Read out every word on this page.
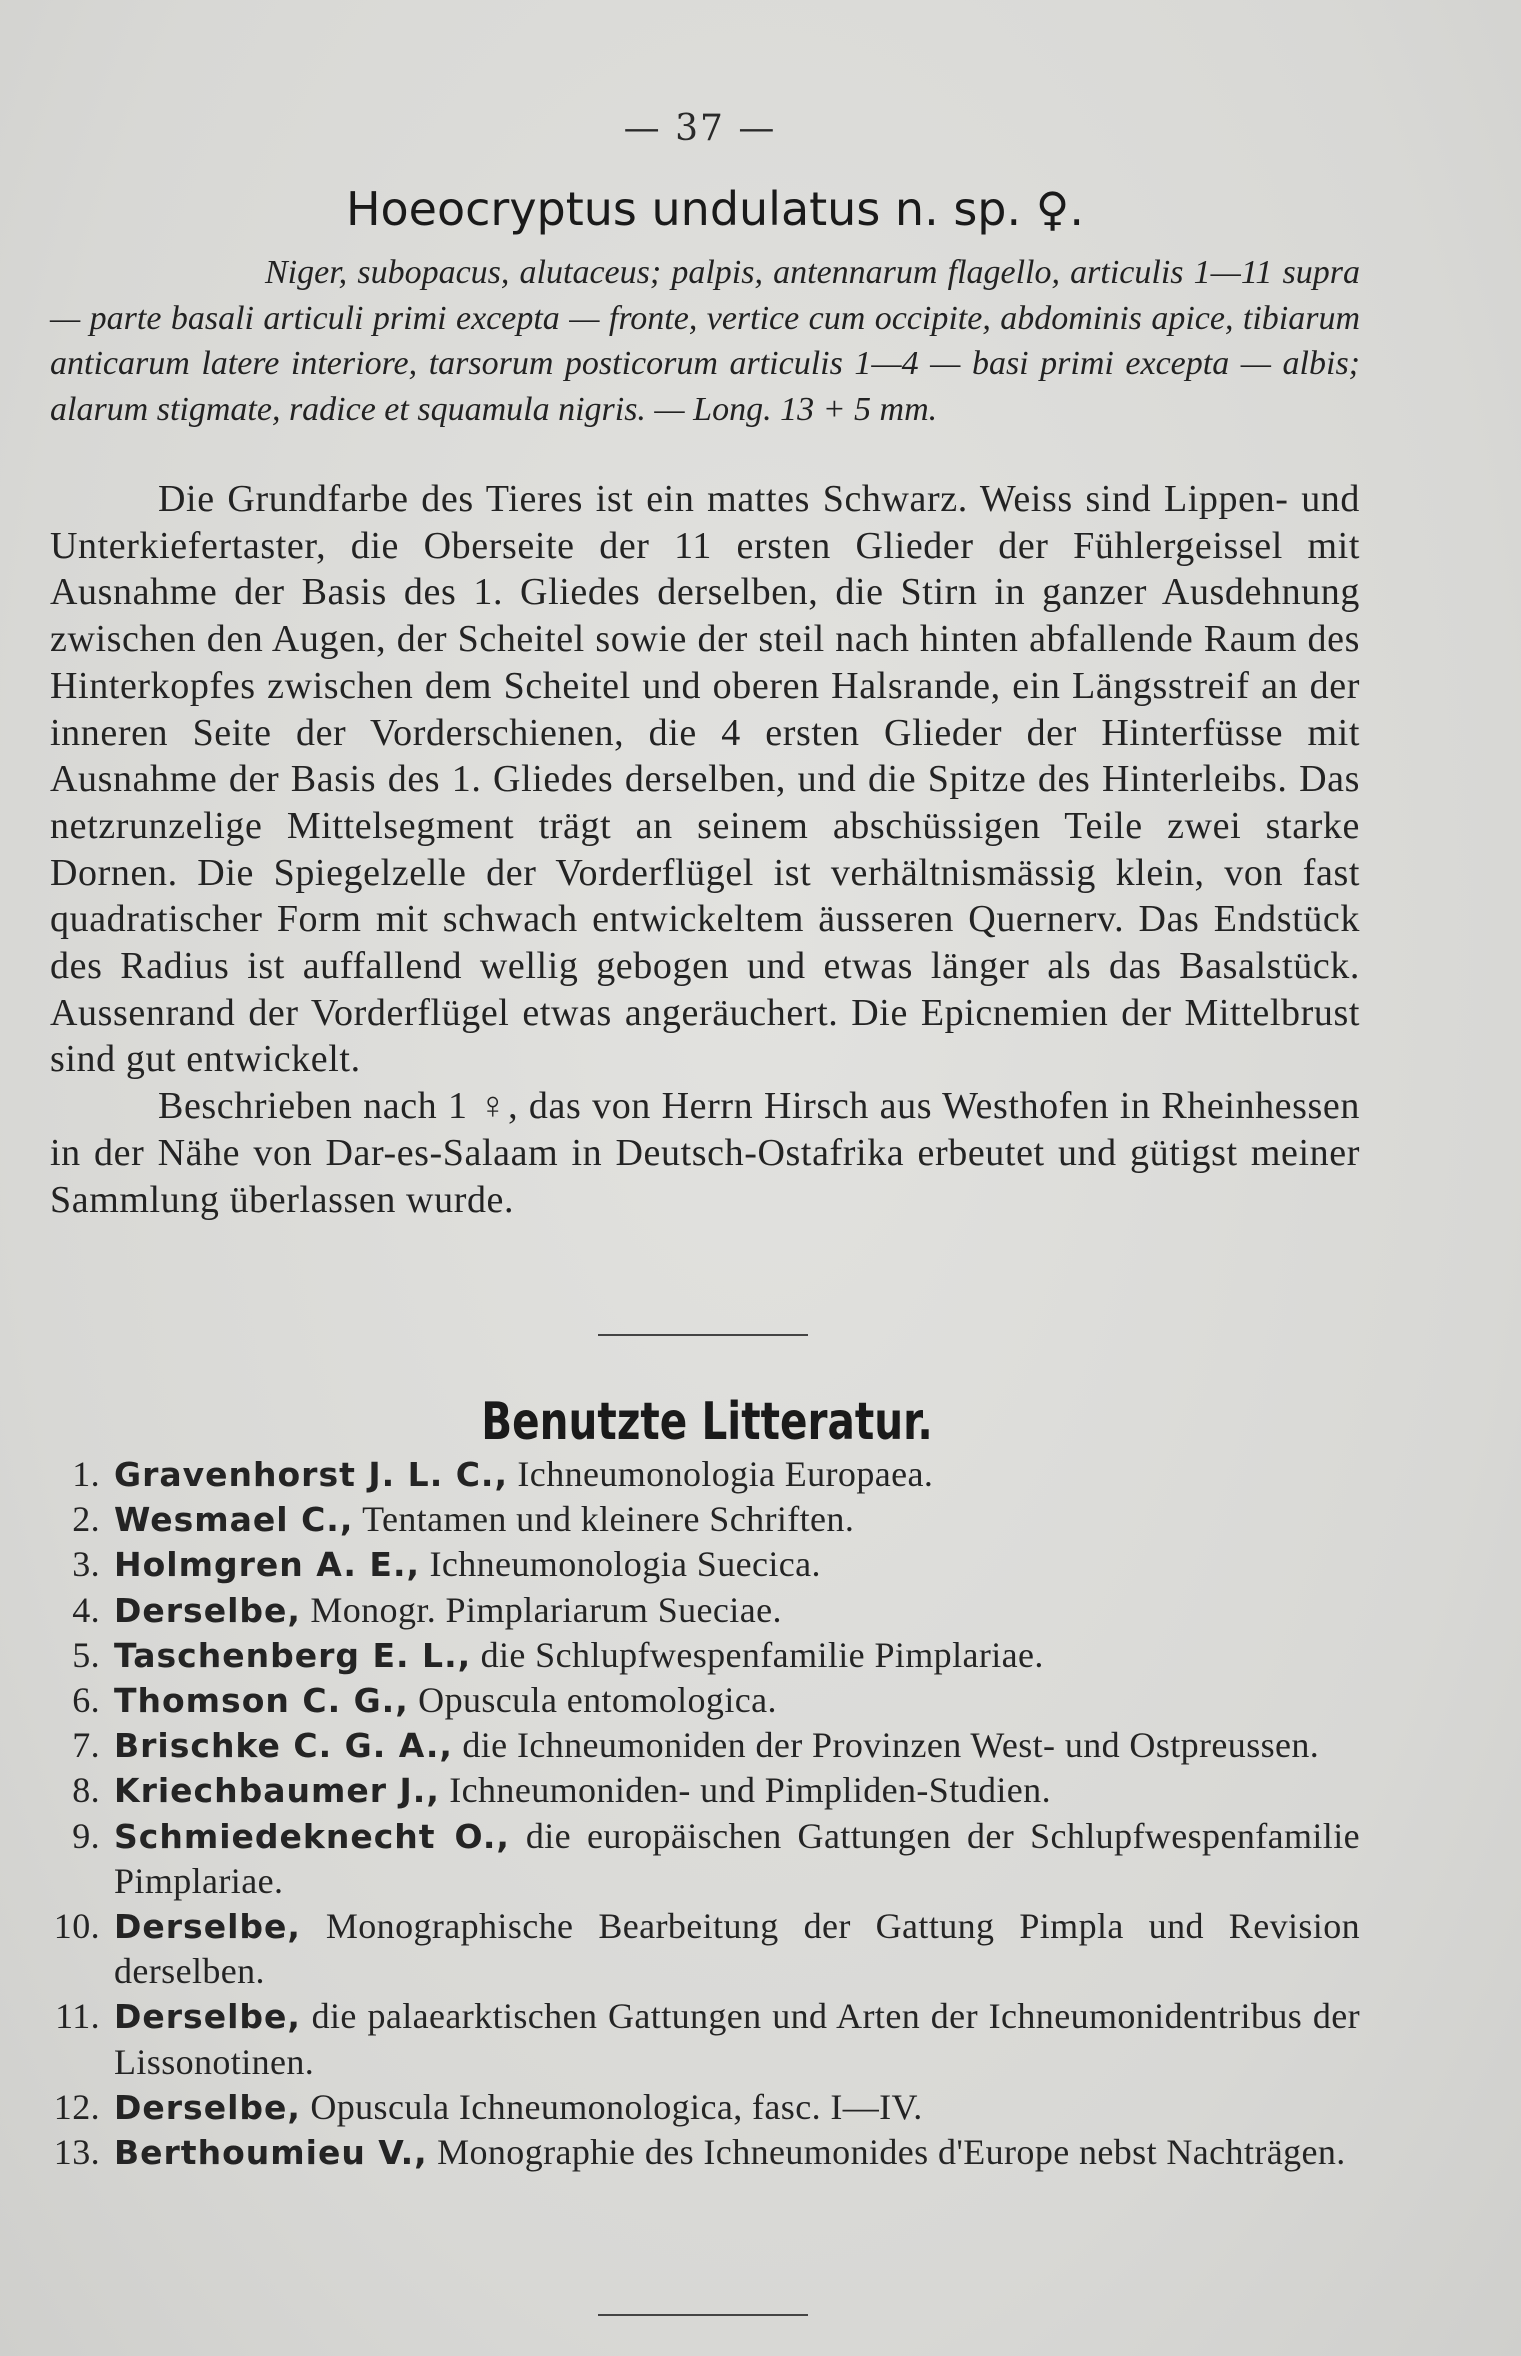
— 37 —
Hoeocryptus undulatus n. sp. ♀.
Niger, subopacus, alutaceus; palpis, antennarum flagello, articulis 1—11 supra — parte basali articuli primi excepta — fronte, vertice cum occipite, abdominis apice, tibiarum anticarum latere interiore, tarsorum posticorum articulis 1—4 — basi primi excepta — albis; alarum stigmate, radice et squamula nigris. — Long. 13 + 5 mm.

Die Grundfarbe des Tieres ist ein mattes Schwarz. Weiss sind Lippen- und Unterkiefertaster, die Oberseite der 11 ersten Glieder der Fühlergeissel mit Ausnahme der Basis des 1. Gliedes derselben, die Stirn in ganzer Ausdehnung zwischen den Augen, der Scheitel sowie der steil nach hinten abfallende Raum des Hinterkopfes zwischen dem Scheitel und oberen Halsrande, ein Längsstreif an der inneren Seite der Vorderschienen, die 4 ersten Glieder der Hinterfüsse mit Ausnahme der Basis des 1. Gliedes derselben, und die Spitze des Hinterleibs. Das netzrunzelige Mittelsegment trägt an seinem abschüssigen Teile zwei starke Dornen. Die Spiegelzelle der Vorderflügel ist verhältnismässig klein, von fast quadratischer Form mit schwach entwickeltem äusseren Quernerv. Das Endstück des Radius ist auffallend wellig gebogen und etwas länger als das Basalstück. Aussenrand der Vorderflügel etwas angeräuchert. Die Epicnemien der Mittelbrust sind gut entwickelt.

Beschrieben nach 1 ♀, das von Herrn Hirsch aus Westhofen in Rheinhessen in der Nähe von Dar-es-Salaam in Deutsch-Ostafrika erbeutet und gütigst meiner Sammlung überlassen wurde.

Benutzte Litteratur.
1. Gravenhorst J. L. C., Ichneumonologia Europaea.
2. Wesmael C., Tentamen und kleinere Schriften.
3. Holmgren A. E., Ichneumonologia Suecica.
4. Derselbe, Monogr. Pimplariarum Sueciae.
5. Taschenberg E. L., die Schlupfwespenfamilie Pimplariae.
6. Thomson C. G., Opuscula entomologica.
7. Brischke C. G. A., die Ichneumoniden der Provinzen West- und Ostpreussen.
8. Kriechbaumer J., Ichneumoniden- und Pimpliden-Studien.
9. Schmiedeknecht O., die europäischen Gattungen der Schlupfwespenfamilie Pimplariae.
10. Derselbe, Monographische Bearbeitung der Gattung Pimpla und Revision derselben.
11. Derselbe, die palaearktischen Gattungen und Arten der Ichneumonidentribus der Lissonotinen.
12. Derselbe, Opuscula Ichneumonologica, fasc. I—IV.
13. Berthoumieu V., Monographie des Ichneumonides d'Europe nebst Nachträgen.
